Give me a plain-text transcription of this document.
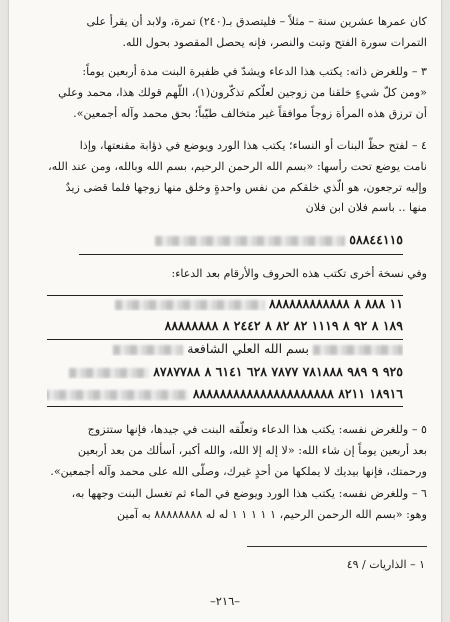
كان عمرها عشرين سنة – مثلاً – فليتصدق بـ(٢٤٠) تمرة، ولابد أن يقرأ على
التمرات سورة الفتح وتبت والنصر، فإنه يحصل المقصود بحول الله.
٣ – وللغرض ذاته: يكتب هذا الدعاء ويشدّ في ظفيرة البنت مدة أربعين يوماً:
«ومن كلّ شيءٍ خلقنا من زوجين لعلّكم تذكّرون(١)، اللّهم قولك هذا، محمد وعلي
أن ترزق هذه المرأة زوجاً موافقاً غير متخالف طيّباً؛ بحق محمد وآله أجمعين».
٤ – لفتح حظّ البنات أو النساء؛ يكتب هذا الورد ويوضع في ذؤابة مقنعتها، وإذا
نامت يوضع تحت رأسها: «بسم الله الرحمن الرحيم، بسم الله وبالله، ومن عند الله،
وإليه ترجعون، هو الّذي خلقكم من نفس واحدةٍ وخلق منها زوجها فلما قضى زيدٌ
منها .. باسم فلان ابن فلان
٥٨٨٤٤١١٥
وفي نسخة أخرى تكتب هذه الحروف والأرقام بعد الدعاء:
١١ ٨٨٨ ٨ ٨٨٨٨٨٨٨٨٨٨٨٨
١٨٩ ٨ ٩٢ ٨ ١١١٩ ٨٢ ٨٢ ٨ ٢٤٤٢ ٨ ٨٨٨٨٨٨٨٨
بسم الله العلي الشافعة
٩٢٥ ٩ ٩٨٩ ٧٨١٨٨٨ ٧٨٧٧ ٦٢٨ ٦١٤١ ٨ ٨٧٨٧٧٨٨
١٨٩١٦ ٨٢١١ ٨٨٨٨٨٨٨٨٨٨٨٨٨٨٨٨٨٨٨٨٨
٥ – وللغرض نفسه: يكتب هذا الدعاء وتعلّقه البنت في جيدها، فإنها ستتزوج
بعد أربعين يوماً إن شاء الله: «لا إله إلا الله، والله أكبر، أسألك من بعد أربعين
ورحمتك، فإنها بيديك لا يملكها من أحدٍ غيرك، وصلّى الله على محمد وآله أجمعين».
٦ – وللغرض نفسه: يكتب هذا الورد ويوضع في الماء ثم تغسل البنت وجهها به،
وهو: «بسم الله الرحمن الرحيم، ١ ١ ١ ١ ١ له له ٨٨٨٨٨٨٨٨ به آمين
١ – الذاريات / ٤٩
–٢١٦–
